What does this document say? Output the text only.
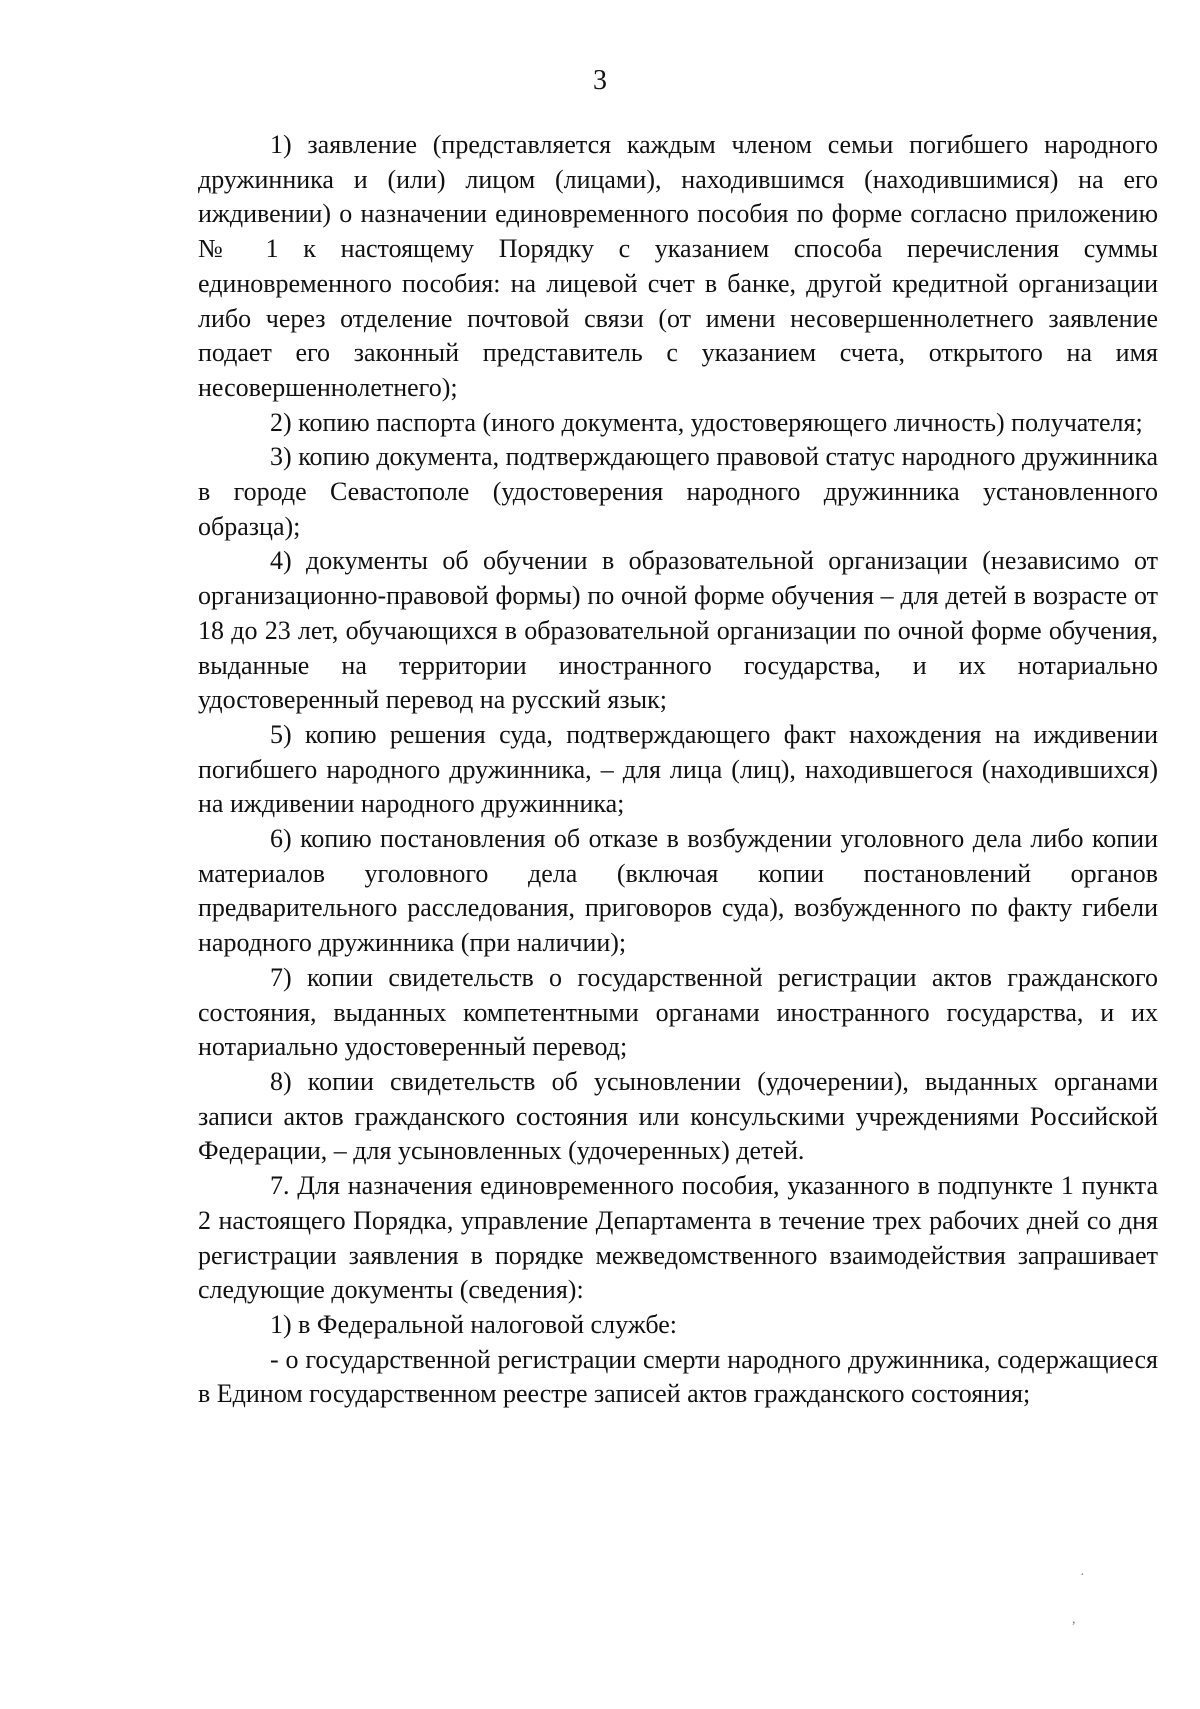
3

1) заявление (представляется каждым членом семьи погибшего народного дружинника и (или) лицом (лицами), находившимся (находившимися) на его иждивении) о назначении единовременного пособия по форме согласно приложению № 1 к настоящему Порядку с указанием способа перечисления суммы единовременного пособия: на лицевой счет в банке, другой кредитной организации либо через отделение почтовой связи (от имени несовершеннолетнего заявление подает его законный представитель с указанием счета, открытого на имя несовершеннолетнего);

2) копию паспорта (иного документа, удостоверяющего личность) получателя;

3) копию документа, подтверждающего правовой статус народного дружинника в городе Севастополе (удостоверения народного дружинника установленного образца);

4) документы об обучении в образовательной организации (независимо от организационно-правовой формы) по очной форме обучения – для детей в возрасте от 18 до 23 лет, обучающихся в образовательной организации по очной форме обучения, выданные на территории иностранного государства, и их нотариально удостоверенный перевод на русский язык;

5) копию решения суда, подтверждающего факт нахождения на иждивении погибшего народного дружинника, – для лица (лиц), находившегося (находившихся) на иждивении народного дружинника;

6) копию постановления об отказе в возбуждении уголовного дела либо копии материалов уголовного дела (включая копии постановлений органов предварительного расследования, приговоров суда), возбужденного по факту гибели народного дружинника (при наличии);

7) копии свидетельств о государственной регистрации актов гражданского состояния, выданных компетентными органами иностранного государства, и их нотариально удостоверенный перевод;

8) копии свидетельств об усыновлении (удочерении), выданных органами записи актов гражданского состояния или консульскими учреждениями Российской Федерации, – для усыновленных (удочеренных) детей.

7. Для назначения единовременного пособия, указанного в подпункте 1 пункта 2 настоящего Порядка, управление Департамента в течение трех рабочих дней со дня регистрации заявления в порядке межведомственного взаимодействия запрашивает следующие документы (сведения):

1) в Федеральной налоговой службе:

- о государственной регистрации смерти народного дружинника, содержащиеся в Едином государственном реестре записей актов гражданского состояния;

·
,
